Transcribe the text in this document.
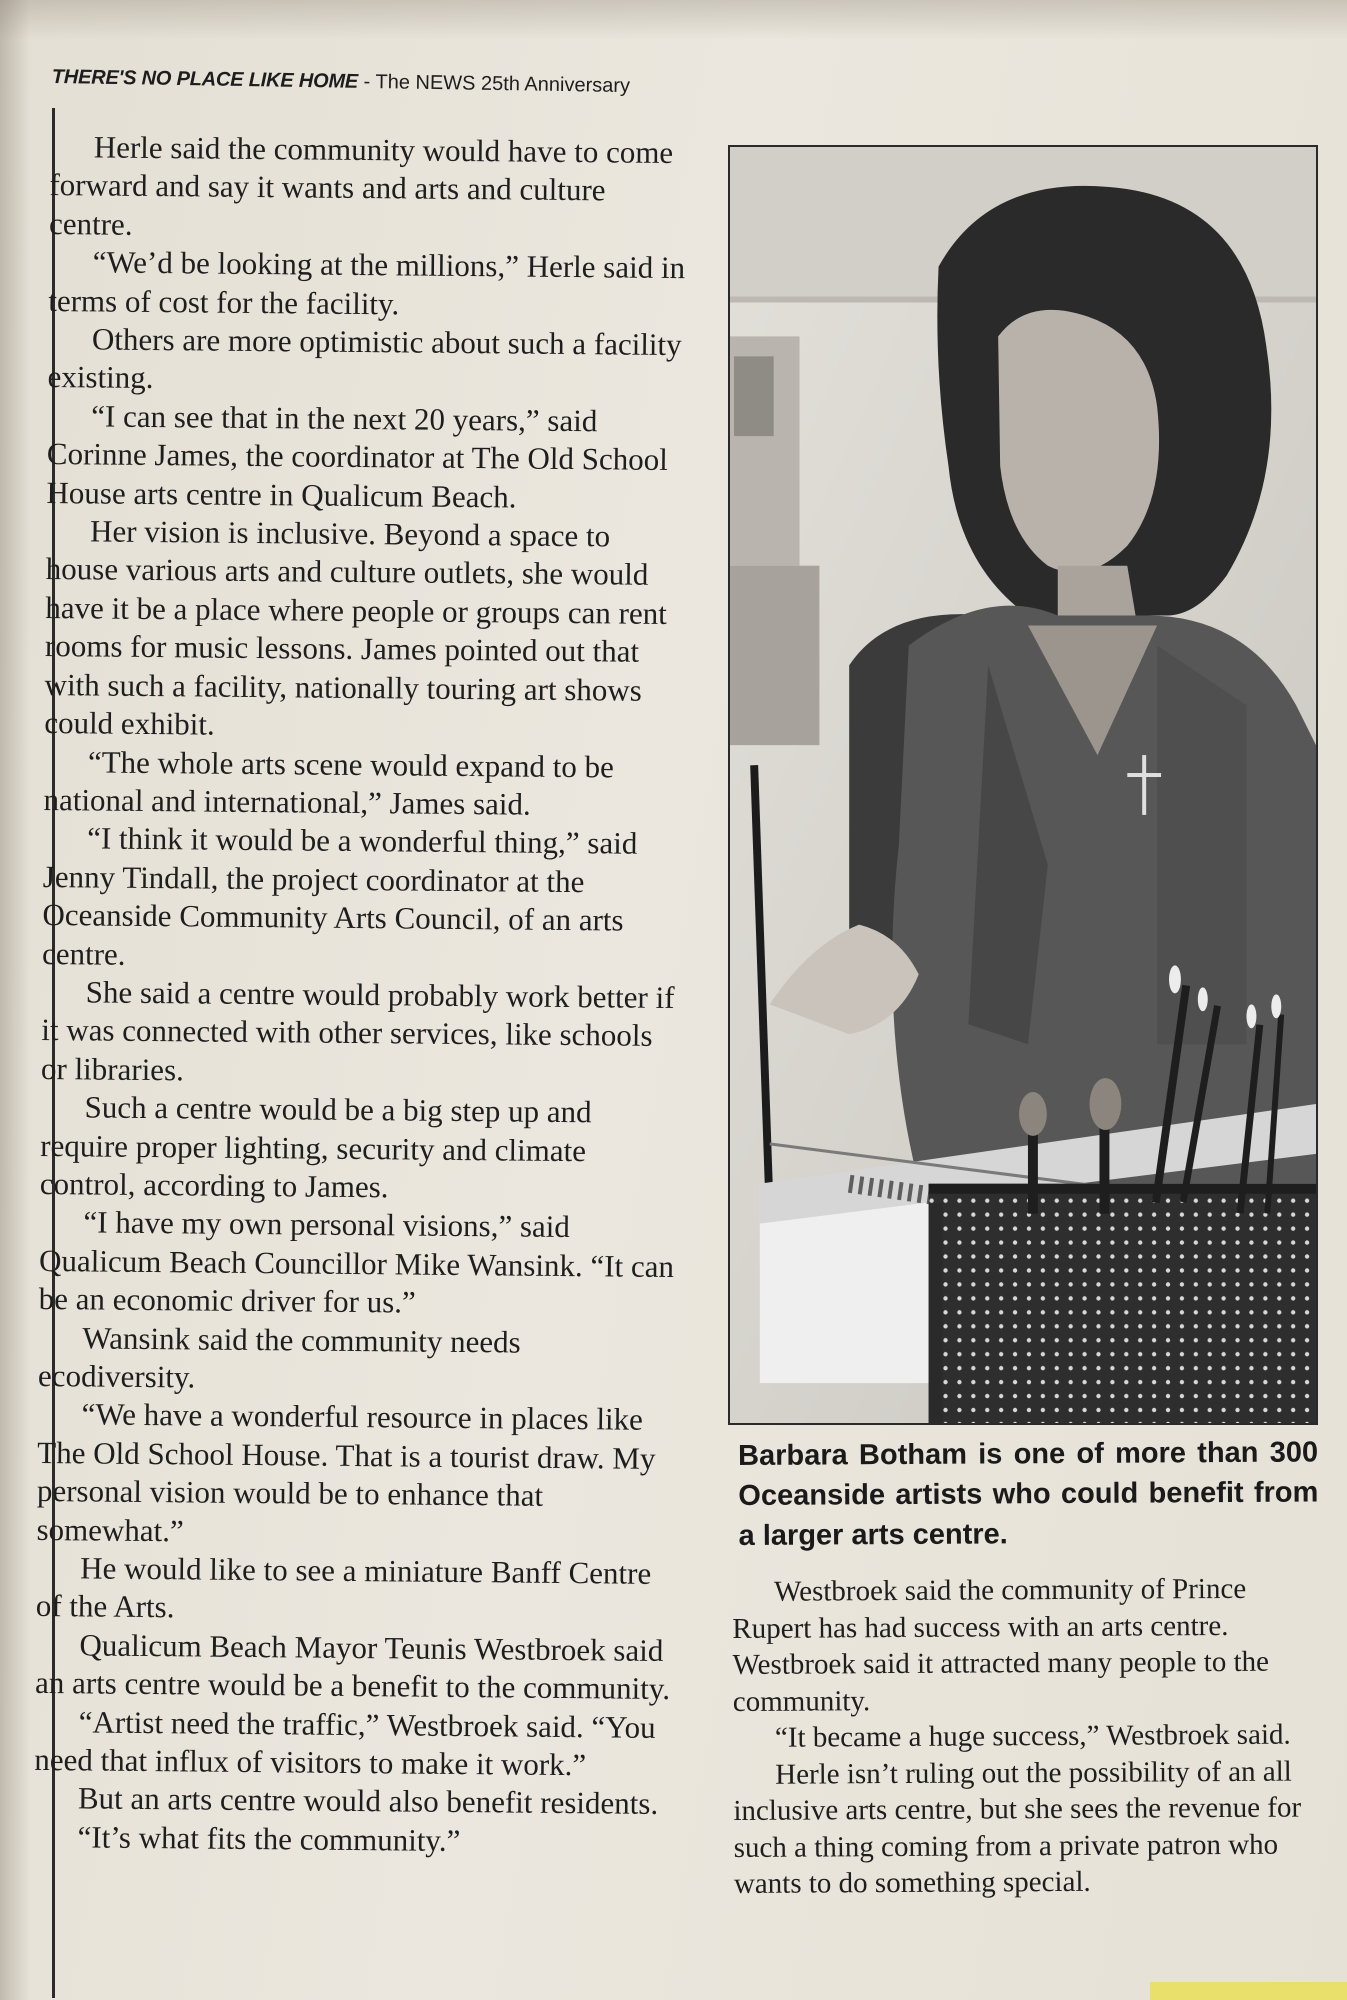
THERE'S NO PLACE LIKE HOME - The NEWS 25th Anniversary

Herle said the community would have to come forward and say it wants and arts and culture centre.

“We’d be looking at the millions,” Herle said in terms of cost for the facility.

Others are more optimistic about such a facility existing.

“I can see that in the next 20 years,” said Corinne James, the coordinator at The Old School House arts centre in Qualicum Beach.

Her vision is inclusive. Beyond a space to house various arts and culture outlets, she would have it be a place where people or groups can rent rooms for music lessons. James pointed out that with such a facility, nationally touring art shows could exhibit.

“The whole arts scene would expand to be national and international,” James said.

“I think it would be a wonderful thing,” said Jenny Tindall, the project coordinator at the Oceanside Community Arts Council, of an arts centre.

She said a centre would probably work better if it was connected with other services, like schools or libraries.

Such a centre would be a big step up and require proper lighting, security and climate control, according to James.

“I have my own personal visions,” said Qualicum Beach Councillor Mike Wansink. “It can be an economic driver for us.”

Wansink said the community needs ecodiversity.

“We have a wonderful resource in places like The Old School House. That is a tourist draw. My personal vision would be to enhance that somewhat.”

He would like to see a miniature Banff Centre of the Arts.

Qualicum Beach Mayor Teunis Westbroek said an arts centre would be a benefit to the community.

“Artist need the traffic,” Westbroek said. “You need that influx of visitors to make it work.”

But an arts centre would also benefit residents.

“It’s what fits the community.”

Barbara Botham is one of more than 300 Oceanside artists who could benefit from a larger arts centre.

Westbroek said the community of Prince Rupert has had success with an arts centre. Westbroek said it attracted many people to the community.

“It became a huge success,” Westbroek said.

Herle isn’t ruling out the possibility of an all inclusive arts centre, but she sees the revenue for such a thing coming from a private patron who wants to do something special.
